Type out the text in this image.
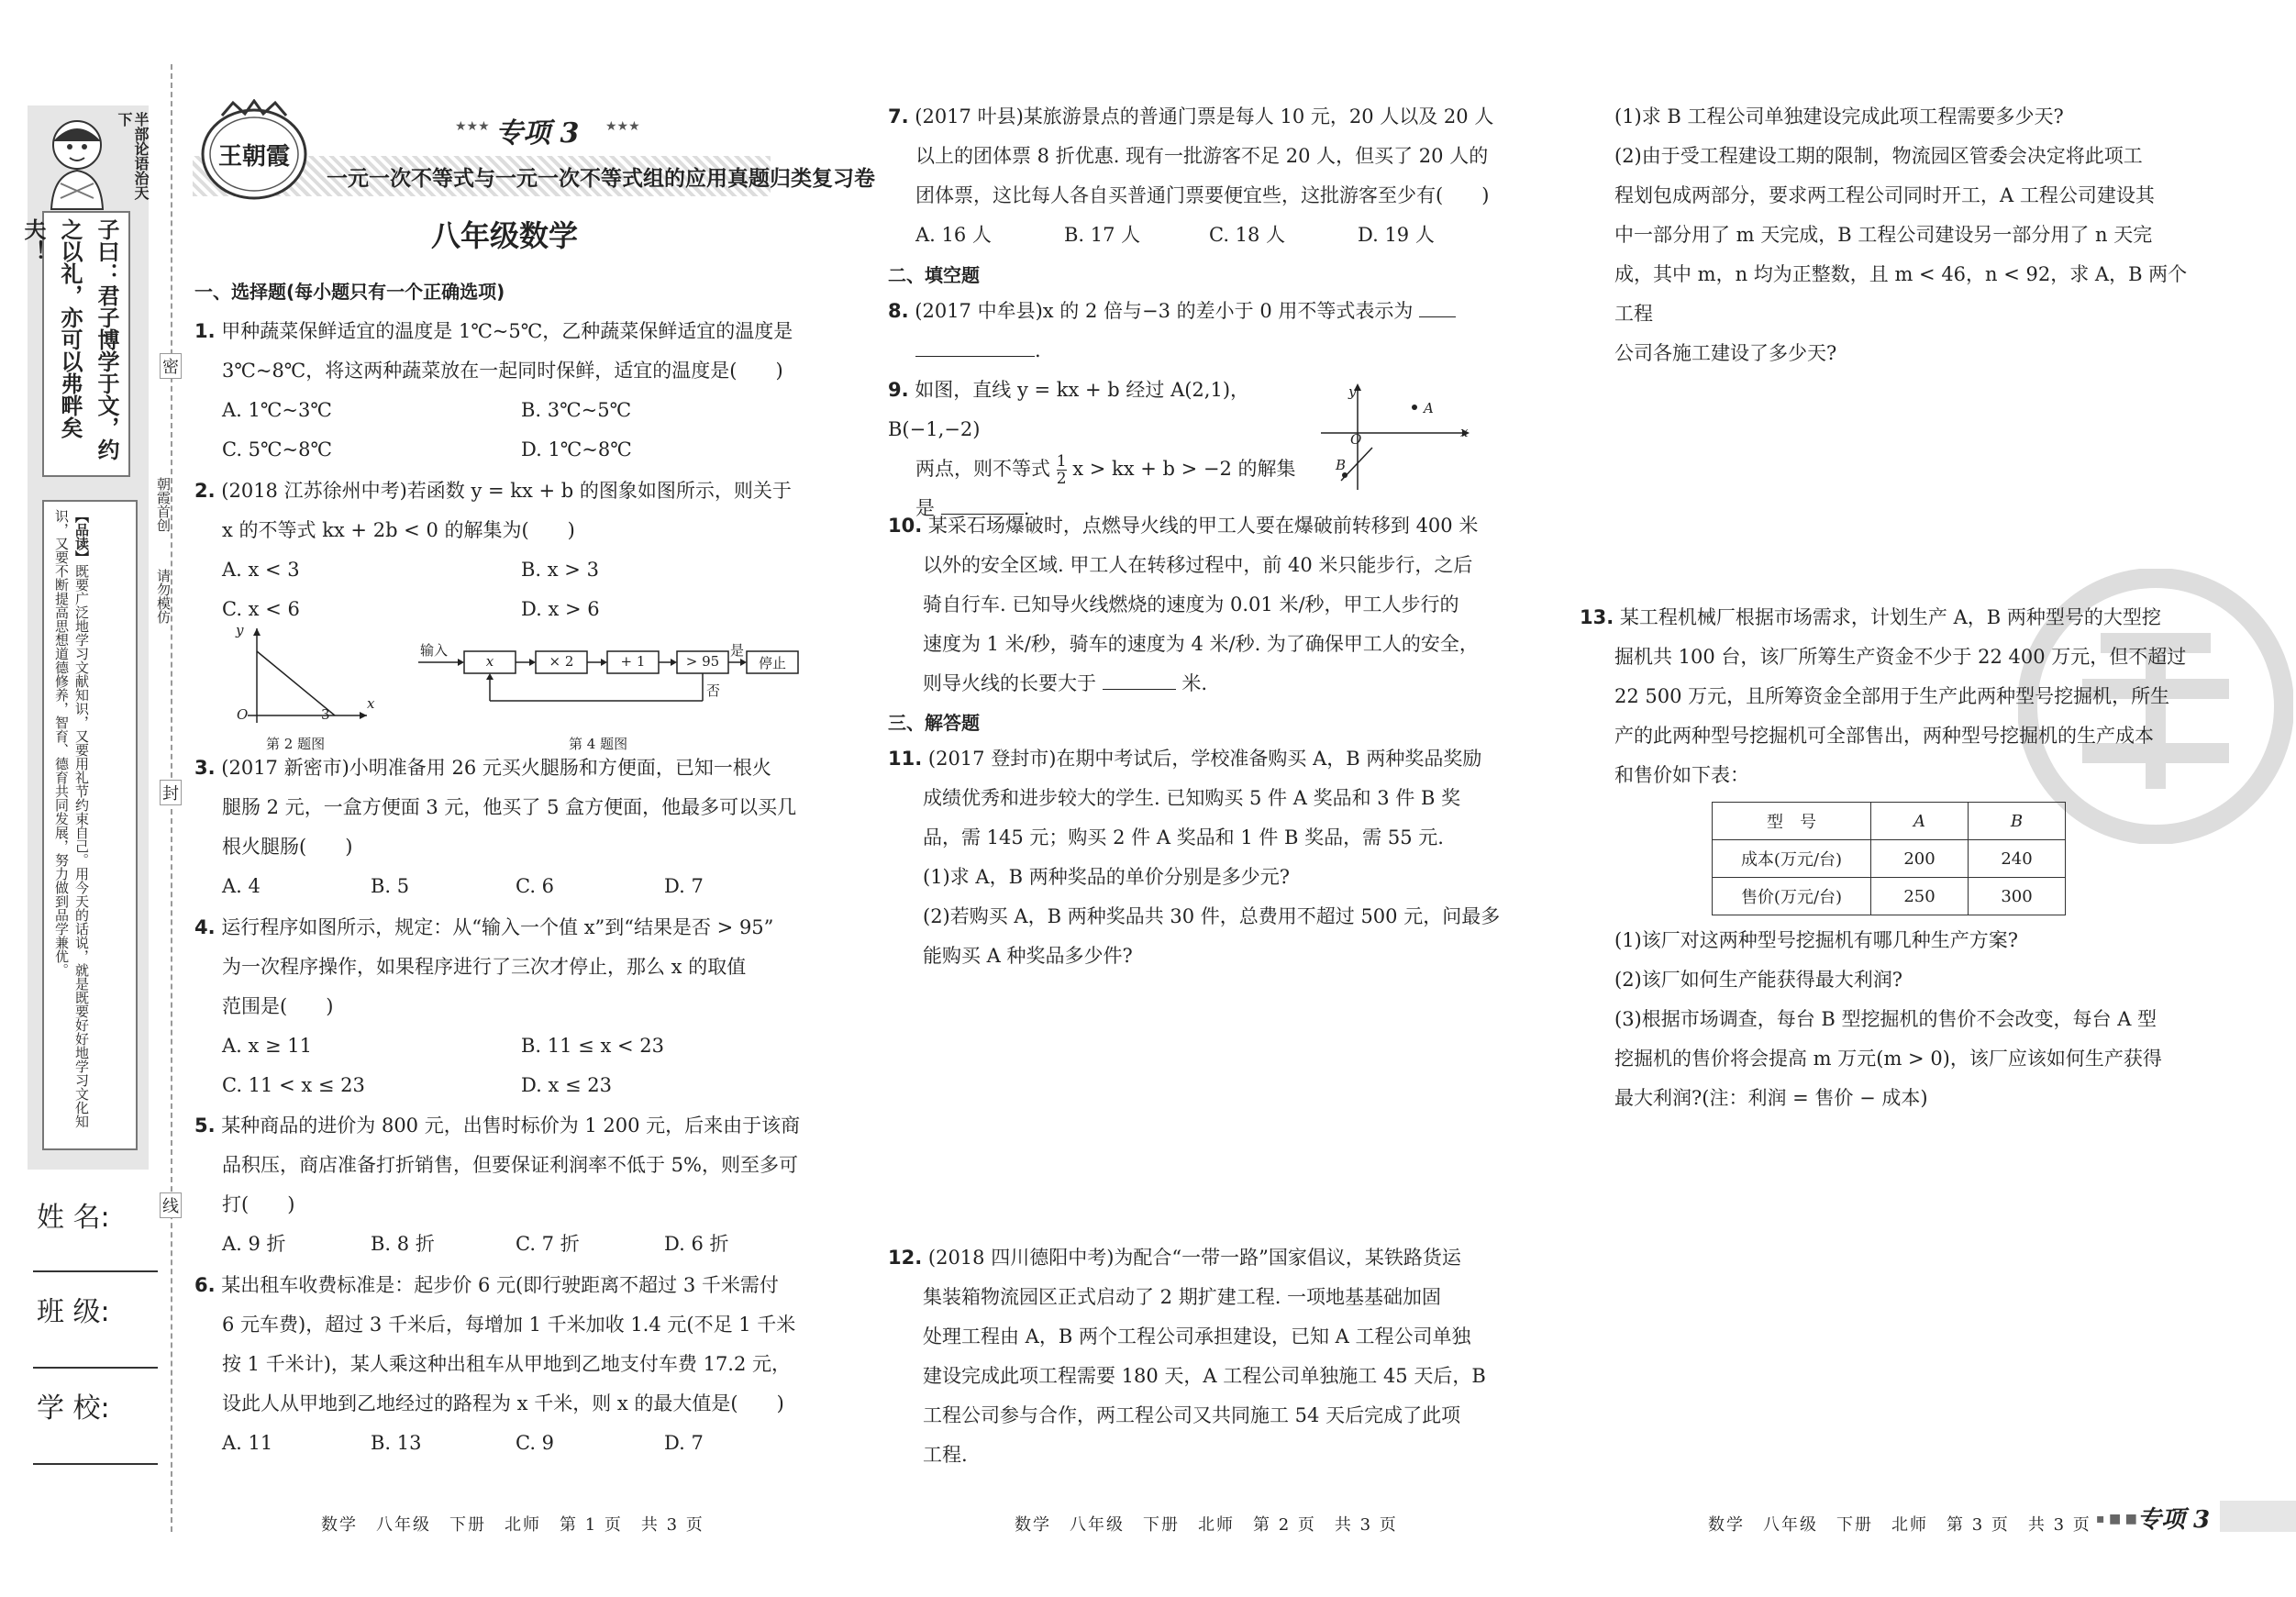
半部论语治天下
子曰：君子博学于文，约之以礼，亦可以弗畔矣夫！
【品读】既要广泛地学习文献知识，又要用礼节约束自己。用今天的话说，就是既要好好地学习文化知识，又要不断提高思想道德修养，智育、德育共同发展，努力做到品学兼优。
朝霞首创
请勿模仿
密
封
线
姓 名:
班 级:
学 校:
王朝霞
★★★ 专项 3 ★★★
一元一次不等式与一元一次不等式组的应用真题归类复习卷
八年级数学
一、选择题(每小题只有一个正确选项)

1. 甲种蔬菜保鲜适宜的温度是 1℃~5℃，乙种蔬菜保鲜适宜的温度是

3℃~8℃，将这两种蔬菜放在一起同时保鲜，适宜的温度是(　　)

A. 1℃~3℃	B. 3℃~5℃

C. 5℃~8℃	D. 1℃~8℃

2. (2018 江苏徐州中考)若函数 y = kx + b 的图象如图所示，则关于

x 的不等式 kx + 2b < 0 的解集为(　　)

A. x < 3	B. x > 3

C. x < 6	D. x > 6

y
x
O	3
第 2 题图
输入
x	× 2	+ 1	> 95
是
否
停止
第 4 题图

3. (2017 新密市)小明准备用 26 元买火腿肠和方便面，已知一根火

腿肠 2 元，一盒方便面 3 元，他买了 5 盒方便面，他最多可以买几

根火腿肠(　　)

A. 4	B. 5	C. 6	D. 7

4. 运行程序如图所示，规定：从“输入一个值 x”到“结果是否 > 95”

为一次程序操作，如果程序进行了三次才停止，那么 x 的取值

范围是(　　)

A. x ≥ 11	B. 11 ≤ x < 23

C. 11 < x ≤ 23	D. x ≤ 23

5. 某种商品的进价为 800 元，出售时标价为 1 200 元，后来由于该商

品积压，商店准备打折销售，但要保证利润率不低于 5%，则至多可

打(　　)

A. 9 折	B. 8 折	C. 7 折	D. 6 折

6. 某出租车收费标准是：起步价 6 元(即行驶距离不超过 3 千米需付

6 元车费)，超过 3 千米后，每增加 1 千米加收 1.4 元(不足 1 千米

按 1 千米计)，某人乘这种出租车从甲地到乙地支付车费 17.2 元，

设此人从甲地到乙地经过的路程为 x 千米，则 x 的最大值是(　　)

A. 11	B. 13	C. 9	D. 7

数学　八年级　下册　北师　第 1 页　共 3 页

7. (2017 叶县)某旅游景点的普通门票是每人 10 元，20 人以及 20 人

以上的团体票 8 折优惠. 现有一批游客不足 20 人，但买了 20 人的

团体票，这比每人各自买普通门票要便宜些，这批游客至少有(　　)

A. 16 人	B. 17 人	C. 18 人	D. 19 人

二、填空题

8. (2017 中牟县)x 的 2 倍与−3 的差小于 0 用不等式表示为

.

9. 如图，直线 y = kx + b 经过 A(2,1)，B(−1,−2)

两点，则不等式 $\frac{1}{2}$ x > kx + b > −2 的解集

是	.

y
x
O
A
B

10. 某采石场爆破时，点燃导火线的甲工人要在爆破前转移到 400 米

以外的安全区域. 甲工人在转移过程中，前 40 米只能步行，之后

骑自行车. 已知导火线燃烧的速度为 0.01 米/秒，甲工人步行的

速度为 1 米/秒，骑车的速度为 4 米/秒. 为了确保甲工人的安全，

则导火线的长要大于	米.

三、解答题

11. (2017 登封市)在期中考试后，学校准备购买 A，B 两种奖品奖励

成绩优秀和进步较大的学生. 已知购买 5 件 A 奖品和 3 件 B 奖

品，需 145 元；购买 2 件 A 奖品和 1 件 B 奖品，需 55 元.

(1)求 A，B 两种奖品的单价分别是多少元?

(2)若购买 A，B 两种奖品共 30 件，总费用不超过 500 元，问最多

能购买 A 种奖品多少件?

12. (2018 四川德阳中考)为配合“一带一路”国家倡议，某铁路货运

集装箱物流园区正式启动了 2 期扩建工程. 一项地基基础加固

处理工程由 A，B 两个工程公司承担建设，已知 A 工程公司单独

建设完成此项工程需要 180 天，A 工程公司单独施工 45 天后，B

工程公司参与合作，两工程公司又共同施工 54 天后完成了此项

工程.

数学　八年级　下册　北师　第 2 页　共 3 页

(1)求 B 工程公司单独建设完成此项工程需要多少天?

(2)由于受工程建设工期的限制，物流园区管委会决定将此项工

程划包成两部分，要求两工程公司同时开工，A 工程公司建设其

中一部分用了 m 天完成，B 工程公司建设另一部分用了 n 天完

成，其中 m，n 均为正整数，且 m < 46，n < 92，求 A，B 两个工程

公司各施工建设了多少天?

13. 某工程机械厂根据市场需求，计划生产 A，B 两种型号的大型挖

掘机共 100 台，该厂所筹生产资金不少于 22 400 万元，但不超过

22 500 万元，且所筹资金全部用于生产此两种型号挖掘机，所生

产的此两种型号挖掘机可全部售出，两种型号挖掘机的生产成本

和售价如下表：

型　号	A	B
成本(万元/台)	200	240
售价(万元/台)	250	300

(1)该厂对这两种型号挖掘机有哪几种生产方案?

(2)该厂如何生产能获得最大利润?

(3)根据市场调查，每台 B 型挖掘机的售价不会改变，每台 A 型

挖掘机的售价将会提高 m 万元(m > 0)，该厂应该如何生产获得

最大利润?(注：利润 = 售价 − 成本)

数学　八年级　下册　北师　第 3 页　共 3 页 ▪ ■ ■ 专项 3
